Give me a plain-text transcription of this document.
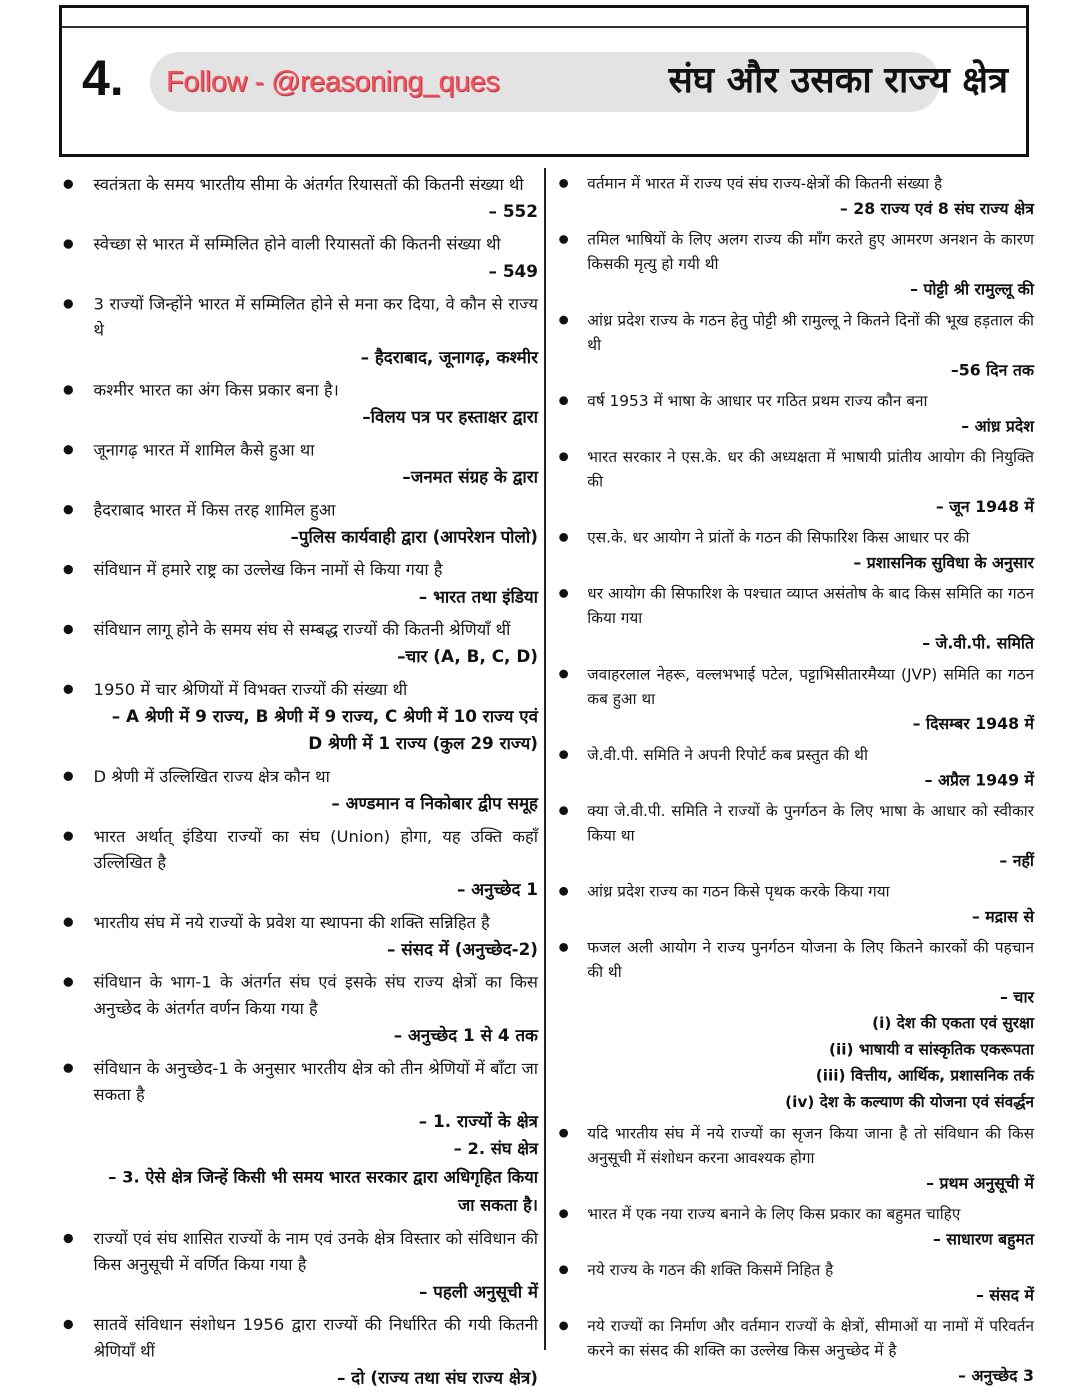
4. Follow - @reasoning_ques	संघ और उसका राज्य क्षेत्र
स्वतंत्रता के समय भारतीय सीमा के अंतर्गत रियासतों की कितनी संख्या थी
– 552
स्वेच्छा से भारत में सम्मिलित होने वाली रियासतों की कितनी संख्या थी
– 549
3 राज्यों जिन्होंने भारत में सम्मिलित होने से मना कर दिया, वे कौन से राज्य थे
– हैदराबाद, जूनागढ़, कश्मीर
कश्मीर भारत का अंग किस प्रकार बना है।
–विलय पत्र पर हस्ताक्षर द्वारा
जूनागढ़ भारत में शामिल कैसे हुआ था
–जनमत संग्रह के द्वारा
हैदराबाद भारत में किस तरह शामिल हुआ
–पुलिस कार्यवाही द्वारा (आपरेशन पोलो)
संविधान में हमारे राष्ट्र का उल्लेख किन नामों से किया गया है
– भारत तथा इंडिया
संविधान लागू होने के समय संघ से सम्बद्ध राज्यों की कितनी श्रेणियाँ थीं
–चार (A, B, C, D)
1950 में चार श्रेणियों में विभक्त राज्यों की संख्या थी
– A श्रेणी में 9 राज्य, B श्रेणी में 9 राज्य, C श्रेणी में 10 राज्य एवं D श्रेणी में 1 राज्य (कुल 29 राज्य)
D श्रेणी में उल्लिखित राज्य क्षेत्र कौन था
– अण्डमान व निकोबार द्वीप समूह
भारत अर्थात् इंडिया राज्यों का संघ (Union) होगा, यह उक्ति कहाँ उल्लिखित है
– अनुच्छेद 1
भारतीय संघ में नये राज्यों के प्रवेश या स्थापना की शक्ति सन्निहित है
– संसद में (अनुच्छेद-2)
संविधान के भाग-1 के अंतर्गत संघ एवं इसके संघ राज्य क्षेत्रों का किस अनुच्छेद के अंतर्गत वर्णन किया गया है
– अनुच्छेद 1 से 4 तक
संविधान के अनुच्छेद-1 के अनुसार भारतीय क्षेत्र को तीन श्रेणियों में बाँटा जा सकता है
– 1. राज्यों के क्षेत्र
– 2. संघ क्षेत्र
– 3. ऐसे क्षेत्र जिन्हें किसी भी समय भारत सरकार द्वारा अधिगृहित किया जा सकता है।
राज्यों एवं संघ शासित राज्यों के नाम एवं उनके क्षेत्र विस्तार को संविधान की किस अनुसूची में वर्णित किया गया है
– पहली अनुसूची में
सातवें संविधान संशोधन 1956 द्वारा राज्यों की निर्धारित की गयी कितनी श्रेणियाँ थीं
– दो (राज्य तथा संघ राज्य क्षेत्र)
वर्तमान में भारत में राज्य एवं संघ राज्य-क्षेत्रों की कितनी संख्या है
– 28 राज्य एवं 8 संघ राज्य क्षेत्र
तमिल भाषियों के लिए अलग राज्य की माँग करते हुए आमरण अनशन के कारण किसकी मृत्यु हो गयी थी
– पोट्टी श्री रामुल्लू की
आंध्र प्रदेश राज्य के गठन हेतु पोट्टी श्री रामुल्लू ने कितने दिनों की भूख हड़ताल की थी
–56 दिन तक
वर्ष 1953 में भाषा के आधार पर गठित प्रथम राज्य कौन बना
– आंध्र प्रदेश
भारत सरकार ने एस.के. धर की अध्यक्षता में भाषायी प्रांतीय आयोग की नियुक्ति की
– जून 1948 में
एस.के. धर आयोग ने प्रांतों के गठन की सिफारिश किस आधार पर की
– प्रशासनिक सुविधा के अनुसार
धर आयोग की सिफारिश के पश्चात व्याप्त असंतोष के बाद किस समिति का गठन किया गया
– जे.वी.पी. समिति
जवाहरलाल नेहरू, वल्लभभाई पटेल, पट्टाभिसीतारमैय्या (JVP) समिति का गठन कब हुआ था
– दिसम्बर 1948 में
जे.वी.पी. समिति ने अपनी रिपोर्ट कब प्रस्तुत की थी
– अप्रैल 1949 में
क्या जे.वी.पी. समिति ने राज्यों के पुनर्गठन के लिए भाषा के आधार को स्वीकार किया था
– नहीं
आंध्र प्रदेश राज्य का गठन किसे पृथक करके किया गया
– मद्रास से
फजल अली आयोग ने राज्य पुनर्गठन योजना के लिए कितने कारकों की पहचान की थी
– चार
(i) देश की एकता एवं सुरक्षा
(ii) भाषायी व सांस्कृतिक एकरूपता
(iii) वित्तीय, आर्थिक, प्रशासनिक तर्क
(iv) देश के कल्याण की योजना एवं संवर्द्धन
यदि भारतीय संघ में नये राज्यों का सृजन किया जाना है तो संविधान की किस अनुसूची में संशोधन करना आवश्यक होगा
– प्रथम अनुसूची में
भारत में एक नया राज्य बनाने के लिए किस प्रकार का बहुमत चाहिए
– साधारण बहुमत
नये राज्य के गठन की शक्ति किसमें निहित है
– संसद में
नये राज्यों का निर्माण और वर्तमान राज्यों के क्षेत्रों, सीमाओं या नामों में परिवर्तन करने का संसद की शक्ति का उल्लेख किस अनुच्छेद में है
– अनुच्छेद 3
